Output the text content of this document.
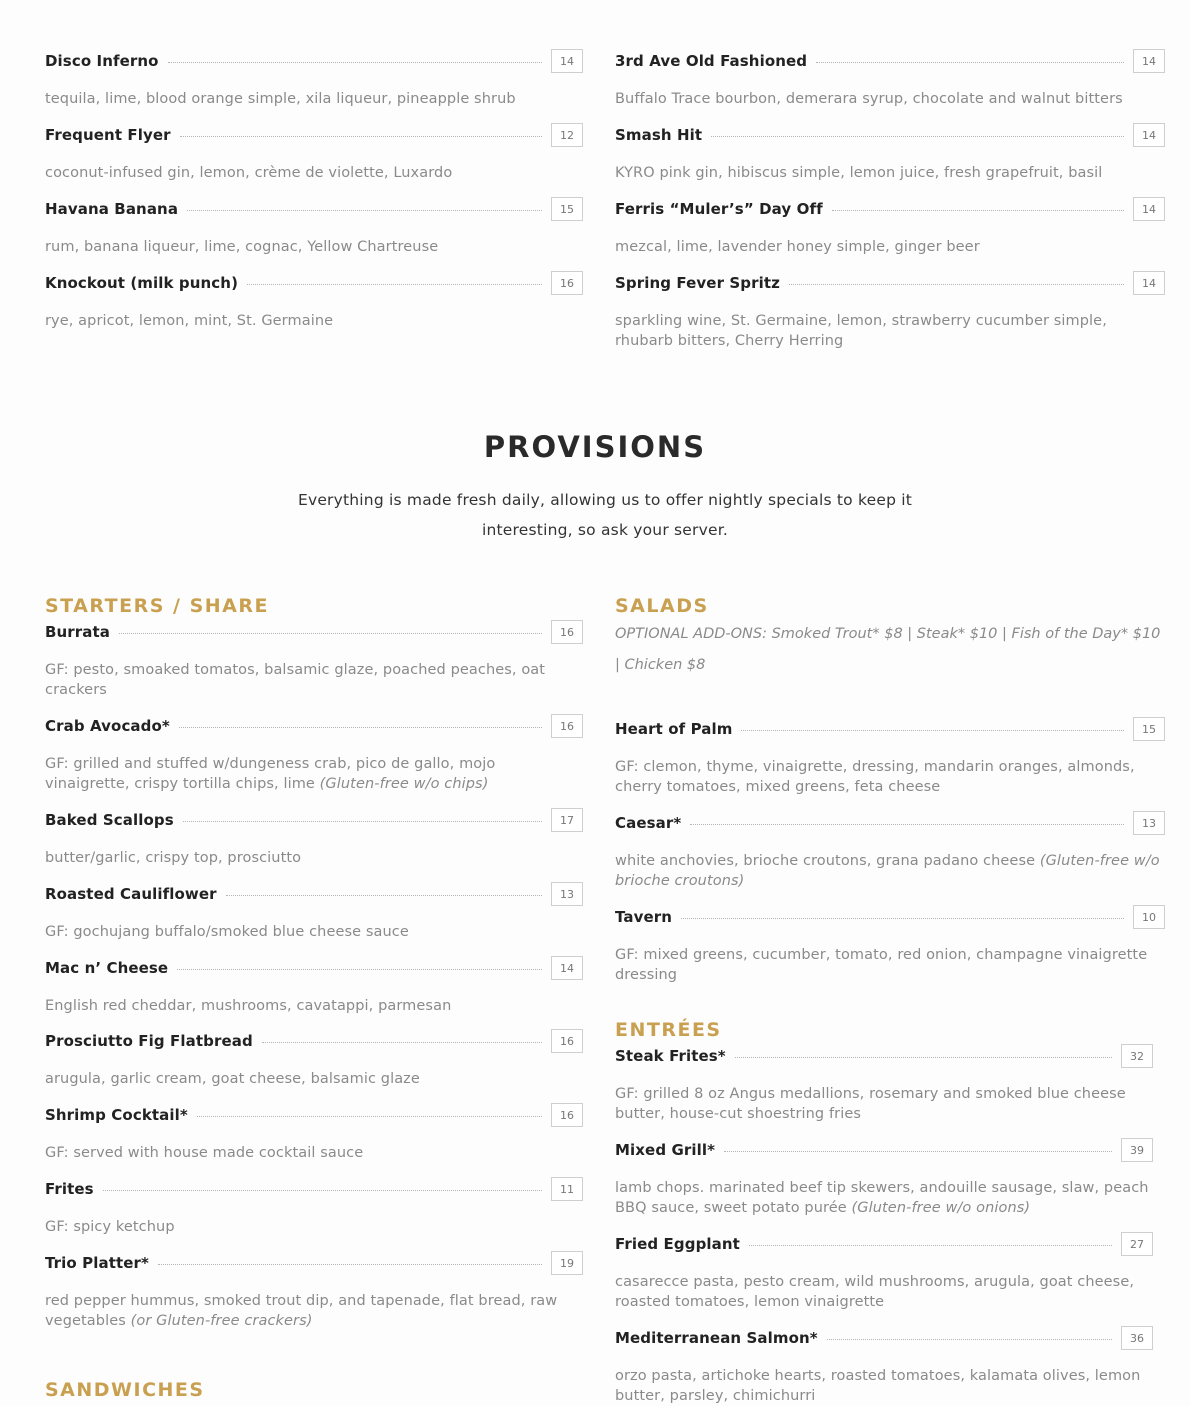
Disco Inferno	14
tequila, lime, blood orange simple, xila liqueur, pineapple shrub
Frequent Flyer	12
coconut-infused gin, lemon, crème de violette, Luxardo
Havana Banana	15
rum, banana liqueur, lime, cognac, Yellow Chartreuse
Knockout (milk punch)	16
rye, apricot, lemon, mint, St. Germaine
3rd Ave Old Fashioned	14
Buffalo Trace bourbon, demerara syrup, chocolate and walnut bitters
Smash Hit	14
KYRO pink gin, hibiscus simple, lemon juice, fresh grapefruit, basil
Ferris “Muler’s” Day Off	14
mezcal, lime, lavender honey simple, ginger beer
Spring Fever Spritz	14
sparkling wine, St. Germaine, lemon, strawberry cucumber simple, rhubarb bitters, Cherry Herring
PROVISIONS
Everything is made fresh daily, allowing us to offer nightly specials to keep it interesting, so ask your server.
STARTERS / SHARE
Burrata	16
GF: pesto, smoaked tomatos, balsamic glaze, poached peaches, oat crackers
Crab Avocado*	16
GF: grilled and stuffed w/dungeness crab, pico de gallo, mojo vinaigrette, crispy tortilla chips, lime (Gluten-free w/o chips)
Baked Scallops	17
butter/garlic, crispy top, prosciutto
Roasted Cauliflower	13
GF: gochujang buffalo/smoked blue cheese sauce
Mac n’ Cheese	14
English red cheddar, mushrooms, cavatappi, parmesan
Prosciutto Fig Flatbread	16
arugula, garlic cream, goat cheese, balsamic glaze
Shrimp Cocktail*	16
GF: served with house made cocktail sauce
Frites	11
GF: spicy ketchup
Trio Platter*	19
red pepper hummus, smoked trout dip, and tapenade, flat bread, raw vegetables (or Gluten-free crackers)
SANDWICHES
SALADS
OPTIONAL ADD-ONS: Smoked Trout* $8 | Steak* $10 | Fish of the Day* $10 | Chicken $8
Heart of Palm	15
GF: clemon, thyme, vinaigrette, dressing, mandarin oranges, almonds, cherry tomatoes, mixed greens, feta cheese
Caesar*	13
white anchovies, brioche croutons, grana padano cheese (Gluten-free w/o brioche croutons)
Tavern	10
GF: mixed greens, cucumber, tomato, red onion, champagne vinaigrette dressing
ENTRÉES
Steak Frites*	32
GF: grilled 8 oz Angus medallions, rosemary and smoked blue cheese butter, house-cut shoestring fries
Mixed Grill*	39
lamb chops. marinated beef tip skewers, andouille sausage, slaw, peach BBQ sauce, sweet potato purée (Gluten-free w/o onions)
Fried Eggplant	27
casarecce pasta, pesto cream, wild mushrooms, arugula, goat cheese, roasted tomatoes, lemon vinaigrette
Mediterranean Salmon*	36
orzo pasta, artichoke hearts, roasted tomatoes, kalamata olives, lemon butter, parsley, chimichurri
